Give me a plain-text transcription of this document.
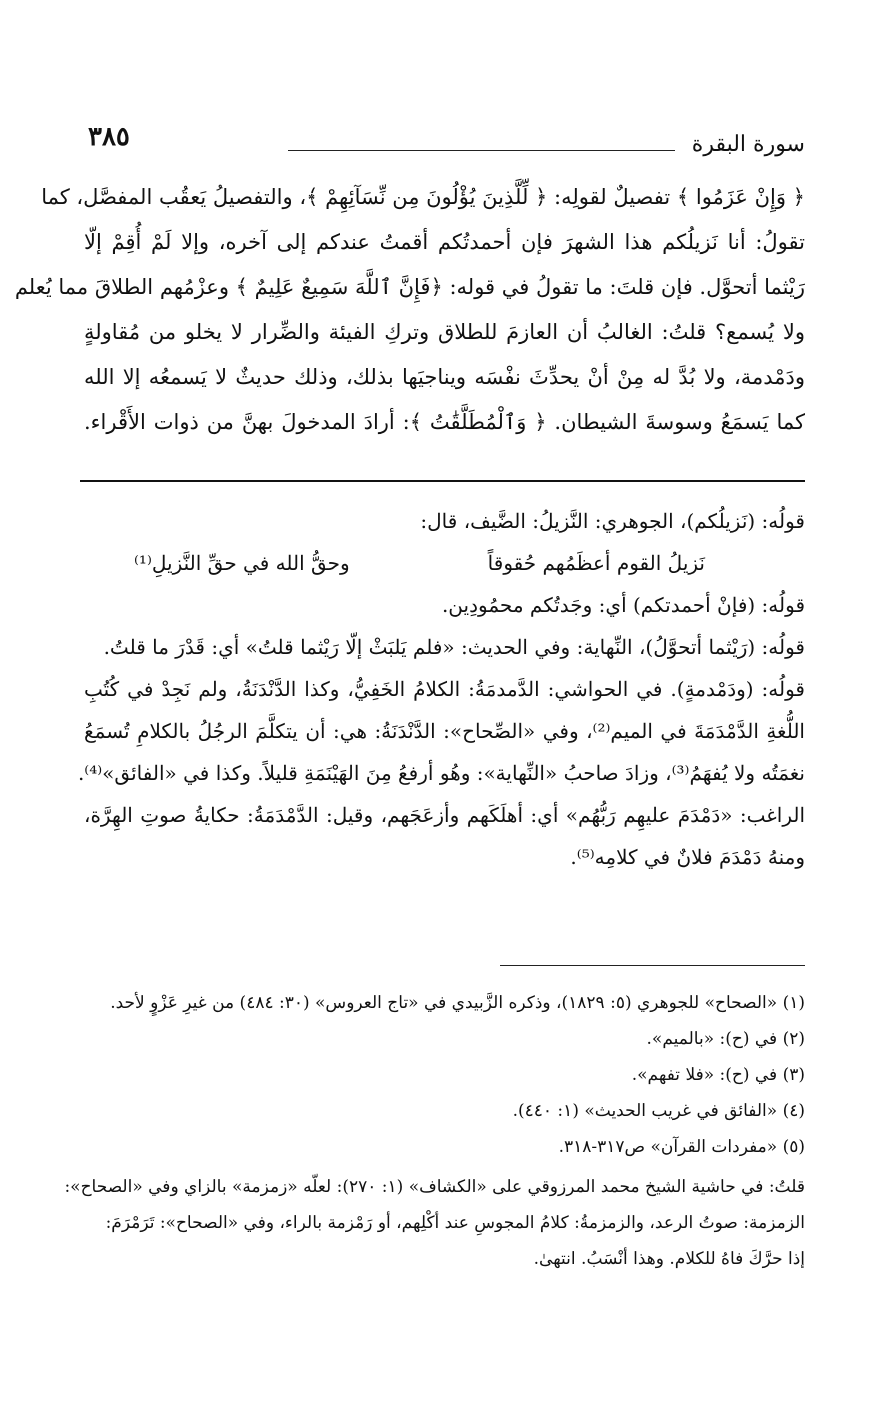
سورة البقرة
٣٨٥
﴿ وَإِنْ عَزَمُوا ﴾ تفصيلٌ لقولِه: ﴿ لِّلَّذِينَ يُؤْلُونَ مِن نِّسَآئِهِمْ ﴾، والتفصيلُ يَعقُب المفصَّل، كما
تقولُ: أنا نَزيلُكم هذا الشهرَ فإن أحمدتُكم أقمتُ عندكم إلى آخره، وإلا لَمْ أُقِمْ إلّا
رَيْثما أتحوَّل. فإن قلتَ: ما تقولُ في قوله: ﴿فَإِنَّ ٱللَّهَ سَمِيعٌ عَلِيمٌ ﴾ وعزْمُهم الطلاقَ مما يُعلم
ولا يُسمع؟ قلتُ: الغالبُ أن العازمَ للطلاق وتركِ الفيئة والضِّرار لا يخلو من مُقاولةٍ
ودَمْدمة، ولا بُدَّ له مِنْ أنْ يحدِّثَ نفْسَه ويناجيَها بذلك، وذلك حديثٌ لا يَسمعُه إلا الله
كما يَسمَعُ وسوسةَ الشيطان. ﴿ وَٱلْمُطَلَّقَٰتُ ﴾: أرادَ المدخولَ بهنَّ من ذوات الأَقْراء.
قولُه: (نَزيلُكم)، الجوهري: النَّزيلُ: الضَّيف، قال:
نَزيلُ القوم أعظَمُهم حُقوقاً
وحقُّ الله في حقِّ النَّزيلِ⁽¹⁾
قولُه: (فإنْ أحمدتكم) أي: وجَدتُكم محمُودِين.
قولُه: (رَيْثما أتحوَّلُ)، النِّهاية: وفي الحديث: «فلم يَلبَثْ إلّا رَيْثما قلتُ» أي: قَدْرَ ما قلتُ.
قولُه: (ودَمْدمةٍ). في الحواشي: الدَّمدمَةُ: الكلامُ الخَفِيُّ، وكذا الدَّنْدَنَةُ، ولم نَجِدْ في كُتُبِ
اللُّغةِ الدَّمْدَمَةَ في الميم⁽²⁾، وفي «الصِّحاح»: الدَّنْدَنَةُ: هي: أن يتكلَّمَ الرجُلُ بالكلامِ تُسمَعُ
نغمَتُه ولا يُفهَمُ⁽³⁾، وزادَ صاحبُ «النِّهاية»: وهُو أرفعُ مِنَ الهَيْنَمَةِ قليلاً. وكذا في «الفائق»⁽⁴⁾.
الراغب: «دَمْدَمَ عليهِم رَبُّهُم» أي: أهلَكَهم وأزعَجَهم، وقيل: الدَّمْدَمَةُ: حكايةُ صوتِ الهِرَّة،
ومنهُ دَمْدَمَ فلانٌ في كلامِه⁽⁵⁾.
(١) «الصحاح» للجوهري (٥: ١٨٢٩)، وذكره الزَّبيدي في «تاج العروس» (٣٠: ٤٨٤) من غيرِ عَزْوٍ لأحد.
(٢) في (ح): «بالميم».
(٣) في (ح): «فلا تفهم».
(٤) «الفائق في غريب الحديث» (١: ٤٤٠).
(٥) «مفردات القرآن» ص٣١٧-٣١٨.
قلتُ: في حاشية الشيخ محمد المرزوقي على «الكشاف» (١: ٢٧٠): لعلّه «زمزمة» بالزاي وفي «الصحاح»:
الزمزمة: صوتُ الرعد، والزمزمةُ: كلامُ المجوسِ عند أكْلِهم، أو رَمْزمة بالراء، وفي «الصحاح»: تَرَمْرَمَ:
إذا حرَّكَ فاهُ للكلام. وهذا أنْسَبُ. انتهىٰ.
